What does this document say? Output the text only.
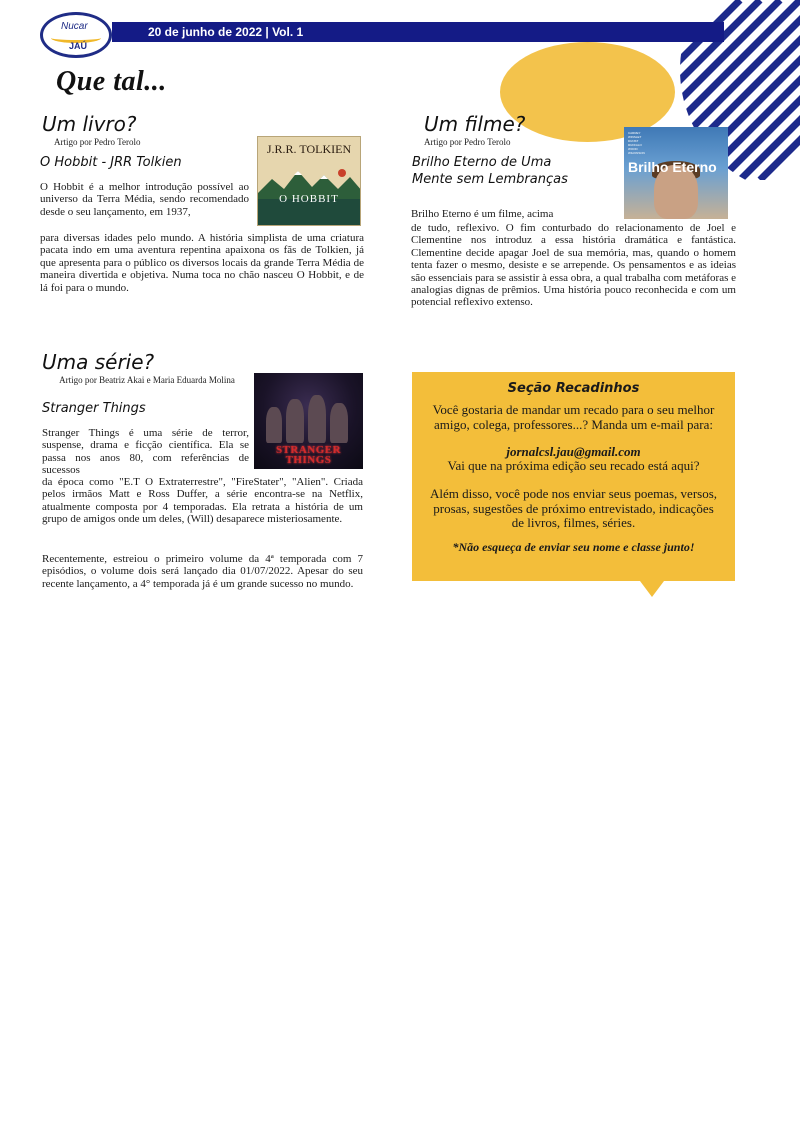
Nucar
JAÚ
20 de junho de 2022 | Vol. 1
Que tal...
Um livro?
Artigo por Pedro Terolo
O Hobbit - JRR Tolkien
J.R.R. TOLKIEN
O HOBBIT
O Hobbit é a melhor introdução possível ao universo da Terra Média, sendo recomendado desde o seu lançamento, em 1937,
para diversas idades pelo mundo. A história simplista de uma criatura pacata indo em uma aventura repentina apaixona os fãs de Tolkien, já que apresenta para o público os diversos locais da grande Terra Média de maneira divertida e objetiva. Numa toca no chão nasceu O Hobbit, e de lá foi para o mundo.
Um filme?
Artigo por Pedro Terolo
Brilho Eterno de Uma Mente sem Lembranças
CARREY WINSLET DUNST RUFFALO WOOD WILKINSON
Brilho Eterno
Brilho Eterno é um filme, acima
de tudo, reflexivo. O fim conturbado do relacionamento de Joel e Clementine nos introduz a essa história dramática e fantástica. Clementine decide apagar Joel de sua memória, mas, quando o homem tenta fazer o mesmo, desiste e se arrepende. Os pensamentos e as ideias são essenciais para se assistir à essa obra, a qual trabalha com metáforas e analogias dignas de prêmios. Uma história pouco reconhecida e com um potencial reflexivo extenso.
Uma série?
Artigo por Beatriz Akai e Maria Eduarda Molina
Stranger Things
STRANGER THINGS
Stranger Things é uma série de terror, suspense, drama e ficção científica. Ela se passa nos anos 80, com referências de sucessos
da época como "E.T O Extraterrestre", "FireStater", "Alien". Criada pelos irmãos Matt e Ross Duffer, a série encontra-se na Netflix, atualmente composta por 4 temporadas. Ela retrata a história de um grupo de amigos onde um deles, (Will) desaparece misteriosamente.
Recentemente, estreiou o primeiro volume da 4ª temporada com 7 episódios, o volume dois será lançado dia 01/07/2022. Apesar do seu recente lançamento, a 4° temporada já é um grande sucesso no mundo.
Seção Recadinhos
Você gostaria de mandar um recado para o seu melhor amigo, colega, professores...? Manda um e-mail para:
jornalcsl.jau@gmail.com
Vai que na próxima edição seu recado está aqui?
Além disso, você pode nos enviar seus poemas, versos, prosas, sugestões de próximo entrevistado, indicações de livros, filmes, séries.
*Não esqueça de enviar seu nome e classe junto!
